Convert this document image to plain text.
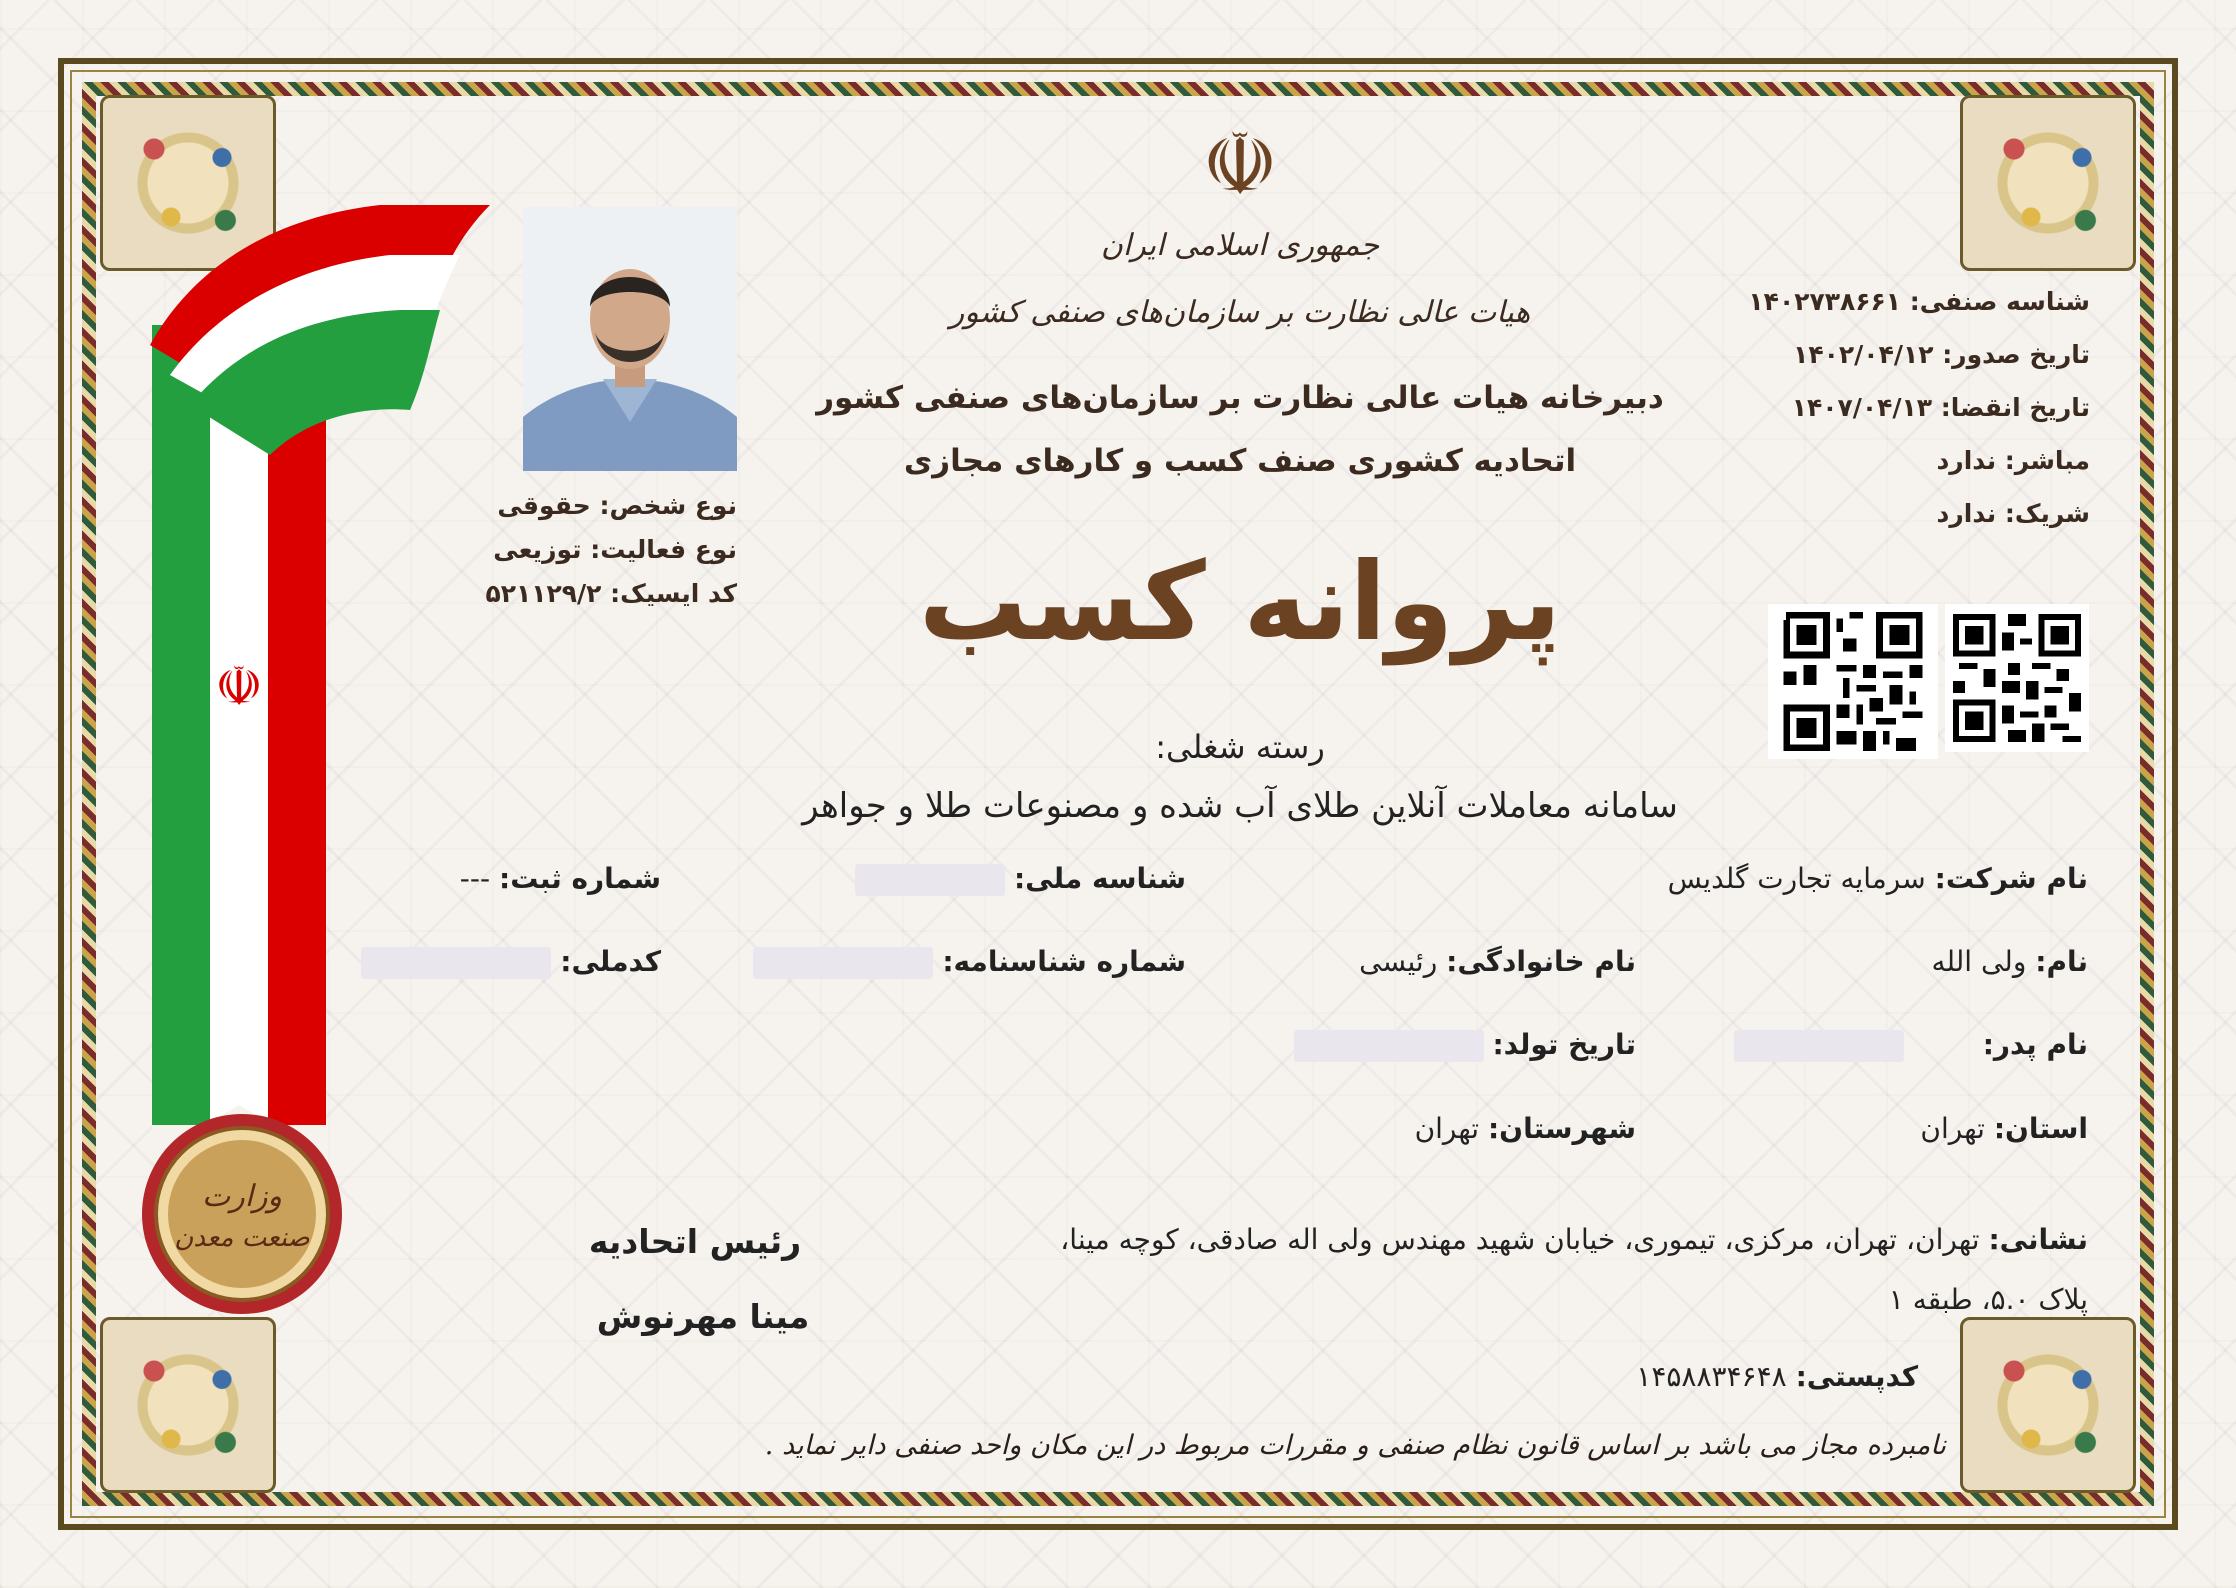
☫
وزارت
صنعت معدن
☫
جمهوری اسلامی ایران
هیات عالی نظارت بر سازمان‌های صنفی کشور
دبیرخانه هیات عالی نظارت بر سازمان‌های صنفی کشور
اتحادیه کشوری صنف کسب و کارهای مجازی
پروانه کسب
شناسه صنفی: ۱۴۰۲۷۳۸۶۶۱
تاریخ صدور: ۱۴۰۲/۰۴/۱۲
تاریخ انقضا: ۱۴۰۷/۰۴/۱۳
مباشر: ندارد
شریک: ندارد
نوع شخص: حقوقی
نوع فعالیت: توزیعی
کد ایسیک: ۵۲۱۱۲۹/۲
رسته شغلی:
سامانه معاملات آنلاین طلای آب شده و مصنوعات طلا و جواهر
نام شرکت: سرمایه تجارت گلدیس
شناسه ملی:
شماره ثبت: ---
نام: ولی الله
نام خانوادگی: رئیسی
شماره شناسنامه:
کدملی:
نام پدر:
تاریخ تولد:
استان: تهران
شهرستان: تهران
نشانی: تهران، تهران، مرکزی، تیموری، خیابان شهید مهندس ولی اله صادقی، کوچه مینا،
پلاک ۵.۰، طبقه ۱
کدپستی: ۱۴۵۸۸۳۴۶۴۸
رئیس اتحادیه
مینا مهرنوش
نامبرده مجاز می باشد بر اساس قانون نظام صنفی و مقررات مربوط در این مکان واحد صنفی دایر نماید .
